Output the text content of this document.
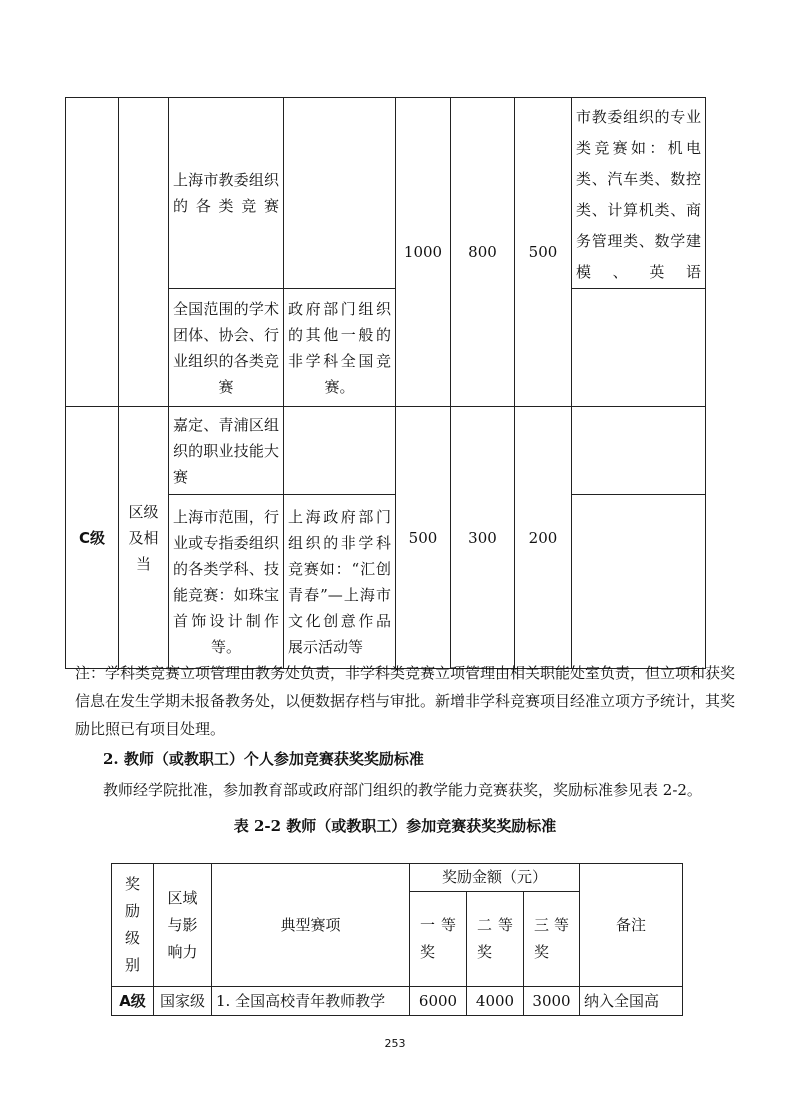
		上海市教委组织的各类竞赛		1000	800	500	市教委组织的专业类竞赛如：机电类、汽车类、数控类、计算机类、商务管理类、数学建模、英语
		全国范围的学术团体、协会、行业组织的各类竞赛	政府部门组织的其他一般的非学科全国竞赛。				
C级	区级及相当	嘉定、青浦区组织的职业技能大赛		500	300	200	
		上海市范围，行业或专指委组织的各类学科、技能竞赛：如珠宝首饰设计制作等。	上海政府部门组织的非学科竞赛如：“汇创青春”—上海市文化创意作品展示活动等				
注：学科类竞赛立项管理由教务处负责，非学科类竞赛立项管理由相关职能处室负责，但立项和获奖信息在发生学期未报备教务处，以便数据存档与审批。新增非学科竞赛项目经准立项方予统计，其奖励比照已有项目处理。
2. 教师（或教职工）个人参加竞赛获奖奖励标准
教师经学院批准，参加教育部或政府部门组织的教学能力竞赛获奖，奖励标准参见表 2-2。
表 2-2 教师（或教职工）参加竞赛获奖奖励标准
奖励级别	区域与影响力	典型赛项	奖励金额（元）			备注
			一等奖	二等奖	三等奖	
A级	国家级	1. 全国高校青年教师教学	6000	4000	3000	纳入全国高
253
